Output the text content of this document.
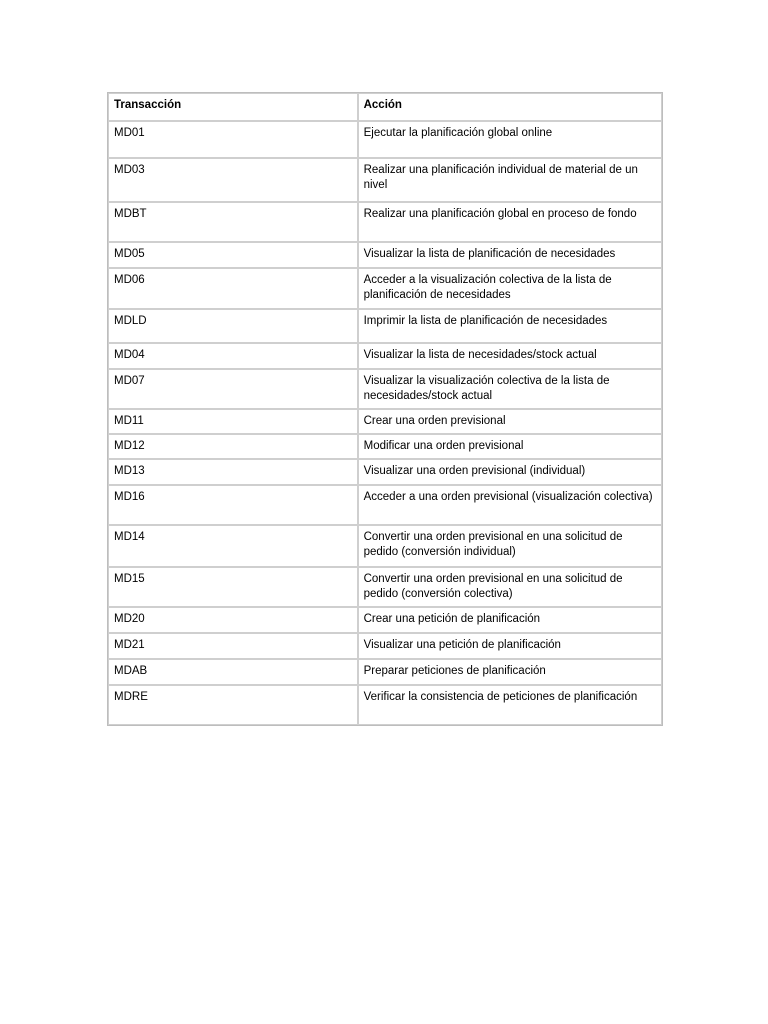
Transacción	Acción
MD01	Ejecutar la planificación global online
MD03	Realizar una planificación individual de material de un nivel
MDBT	Realizar una planificación global en proceso de fondo
MD05	Visualizar la lista de planificación de necesidades
MD06	Acceder a la visualización colectiva de la lista de planificación de necesidades
MDLD	Imprimir la lista de planificación de necesidades
MD04	Visualizar la lista de necesidades/stock actual
MD07	Visualizar la visualización colectiva de la lista de necesidades/stock actual
MD11	Crear una orden previsional
MD12	Modificar una orden previsional
MD13	Visualizar una orden previsional (individual)
MD16	Acceder a una orden previsional (visualización colectiva)
MD14	Convertir una orden previsional en una solicitud de pedido (conversión individual)
MD15	Convertir una orden previsional en una solicitud de pedido (conversión colectiva)
MD20	Crear una petición de planificación
MD21	Visualizar una petición de planificación
MDAB	Preparar peticiones de planificación
MDRE	Verificar la consistencia de peticiones de planificación
